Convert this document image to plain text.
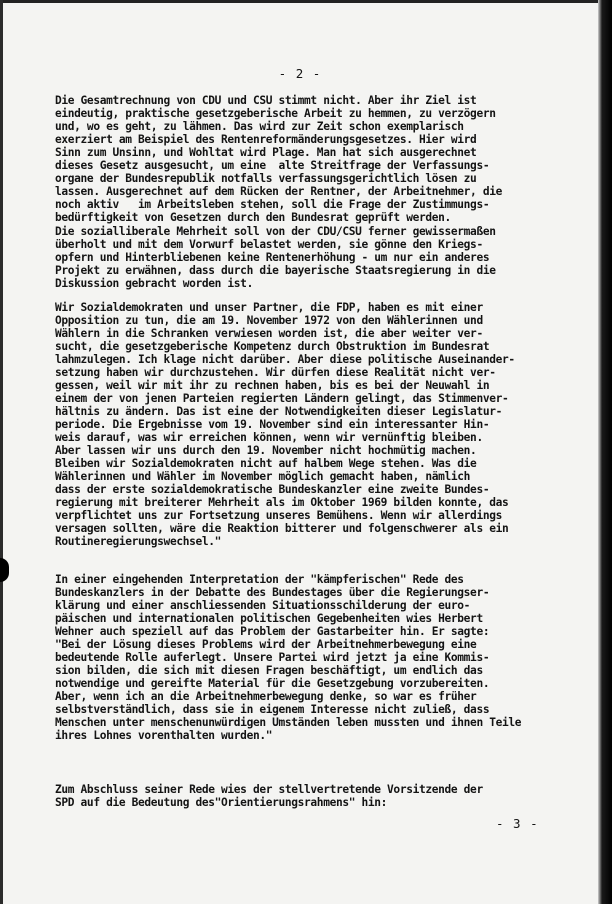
- 2 -

Die Gesamtrechnung von CDU und CSU stimmt nicht. Aber ihr Ziel ist
eindeutig, praktische gesetzgeberische Arbeit zu hemmen, zu verzögern
und, wo es geht, zu lähmen. Das wird zur Zeit schon exemplarisch
exerziert am Beispiel des Rentenreformänderungsgesetzes. Hier wird
Sinn zum Unsinn, und Wohltat wird Plage. Man hat sich ausgerechnet
dieses Gesetz ausgesucht, um eine  alte Streitfrage der Verfassungs-
organe der Bundesrepublik notfalls verfassungsgerichtlich lösen zu
lassen. Ausgerechnet auf dem Rücken der Rentner, der Arbeitnehmer, die
noch aktiv   im Arbeitsleben stehen, soll die Frage der Zustimmungs-
bedürftigkeit von Gesetzen durch den Bundesrat geprüft werden.

Die sozialliberale Mehrheit soll von der CDU/CSU ferner gewissermaßen
überholt und mit dem Vorwurf belastet werden, sie gönne den Kriegs-
opfern und Hinterbliebenen keine Rentenerhöhung - um nur ein anderes
Projekt zu erwähnen, dass durch die bayerische Staatsregierung in die
Diskussion gebracht worden ist.

Wir Sozialdemokraten und unser Partner, die FDP, haben es mit einer
Opposition zu tun, die am 19. November 1972 von den Wählerinnen und
Wählern in die Schranken verwiesen worden ist, die aber weiter ver-
sucht, die gesetzgeberische Kompetenz durch Obstruktion im Bundesrat
lahmzulegen. Ich klage nicht darüber. Aber diese politische Auseinander-
setzung haben wir durchzustehen. Wir dürfen diese Realität nicht ver-
gessen, weil wir mit ihr zu rechnen haben, bis es bei der Neuwahl in
einem der von jenen Parteien regierten Ländern gelingt, das Stimmenver-
hältnis zu ändern. Das ist eine der Notwendigkeiten dieser Legislatur-
periode. Die Ergebnisse vom 19. November sind ein interessanter Hin-
weis darauf, was wir erreichen können, wenn wir vernünftig bleiben.
Aber lassen wir uns durch den 19. November nicht hochmütig machen.
Bleiben wir Sozialdemokraten nicht auf halbem Wege stehen. Was die
Wählerinnen und Wähler im November möglich gemacht haben, nämlich
dass der erste sozialdemokratische Bundeskanzler eine zweite Bundes-
regierung mit breiterer Mehrheit als im Oktober 1969 bilden konnte, das
verpflichtet uns zur Fortsetzung unseres Bemühens. Wenn wir allerdings
versagen sollten, wäre die Reaktion bitterer und folgenschwerer als ein
Routineregierungswechsel."

In einer eingehenden Interpretation der "kämpferischen" Rede des
Bundeskanzlers in der Debatte des Bundestages über die Regierungser-
klärung und einer anschliessenden Situationsschilderung der euro-
päischen und internationalen politischen Gegebenheiten wies Herbert
Wehner auch speziell auf das Problem der Gastarbeiter hin. Er sagte:
"Bei der Lösung dieses Problems wird der Arbeitnehmerbewegung eine
bedeutende Rolle auferlegt. Unsere Partei wird jetzt ja eine Kommis-
sion bilden, die sich mit diesen Fragen beschäftigt, um endlich das
notwendige und gereifte Material für die Gesetzgebung vorzubereiten.
Aber, wenn ich an die Arbeitnehmerbewegung denke, so war es früher
selbstverständlich, dass sie in eigenem Interesse nicht zuließ, dass
Menschen unter menschenunwürdigen Umständen leben mussten und ihnen Teile
ihres Lohnes vorenthalten wurden."

Zum Abschluss seiner Rede wies der stellvertretende Vorsitzende der
SPD auf die Bedeutung des"Orientierungsrahmens" hin:

- 3 -
